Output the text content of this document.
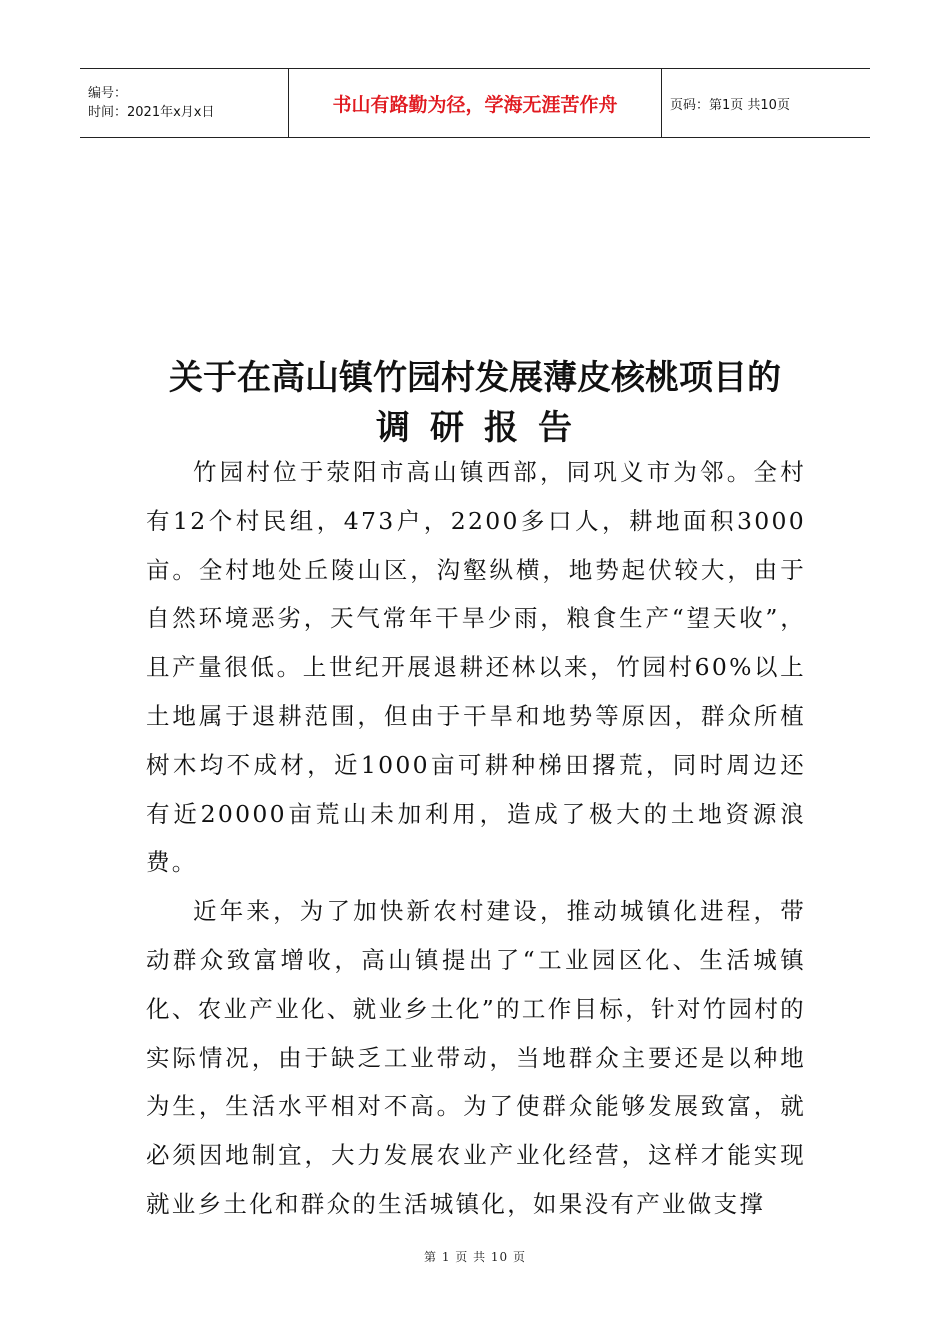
编号：
时间：2021年x月x日	书山有路勤为径，学海无涯苦作舟	页码：第1页 共10页
关于在高山镇竹园村发展薄皮核桃项目的
调研报告

竹园村位于荥阳市高山镇西部，同巩义市为邻。全村有12个村民组，473户，2200多口人，耕地面积3000亩。全村地处丘陵山区，沟壑纵横，地势起伏较大，由于自然环境恶劣，天气常年干旱少雨，粮食生产“望天收”，且产量很低。上世纪开展退耕还林以来，竹园村60%以上土地属于退耕范围，但由于干旱和地势等原因，群众所植树木均不成材，近1000亩可耕种梯田撂荒，同时周边还有近20000亩荒山未加利用，造成了极大的土地资源浪费。

近年来，为了加快新农村建设，推动城镇化进程，带动群众致富增收，高山镇提出了“工业园区化、生活城镇化、农业产业化、就业乡土化”的工作目标，针对竹园村的实际情况，由于缺乏工业带动，当地群众主要还是以种地为生，生活水平相对不高。为了使群众能够发展致富，就必须因地制宜，大力发展农业产业化经营，这样才能实现就业乡土化和群众的生活城镇化，如果没有产业做支撑

第 1 页 共 10 页
